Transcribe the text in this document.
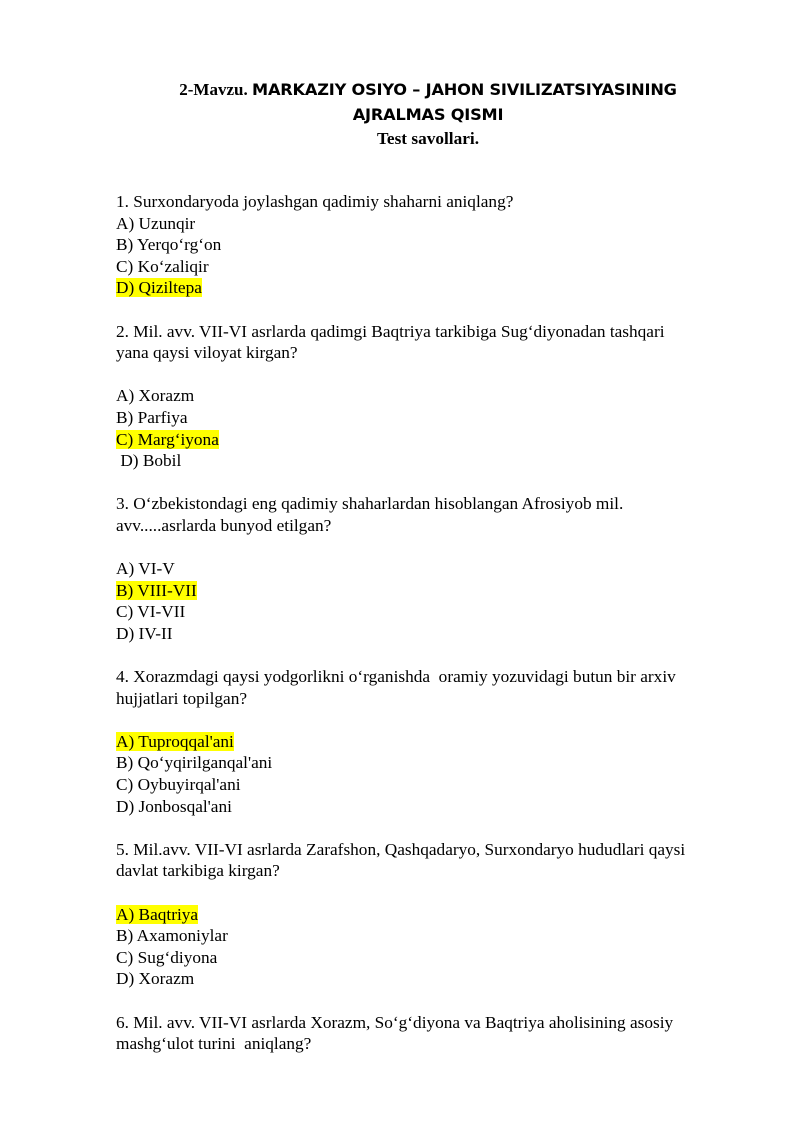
2-Mavzu. MARKAZIY OSIYO – JAHON SIVILIZATSIYASINING
AJRALMAS QISMI
Test savollari.

1. Surxondaryoda joylashgan qadimiy shaharni aniqlang?

A) Uzunqir

B) Yerqo‘rg‘on

C) Ko‘zaliqir

D) Qiziltepa

2. Mil. avv. VII-VI asrlarda qadimgi Baqtriya tarkibiga Sug‘diyonadan tashqari

yana qaysi viloyat kirgan?

A) Xorazm

B) Parfiya

C) Marg‘iyona

D) Bobil

3. O‘zbekistondagi eng qadimiy shaharlardan hisoblangan Afrosiyob mil.

avv.....asrlarda bunyod etilgan?

A) VI-V

B) VIII-VII

C) VI-VII

D) IV-II

4. Xorazmdagi qaysi yodgorlikni o‘rganishda  oramiy yozuvidagi butun bir arxiv

hujjatlari topilgan?

A) Tuproqqal'ani

B) Qo‘yqirilganqal'ani

C) Oybuyirqal'ani

D) Jonbosqal'ani

5. Mil.avv. VII-VI asrlarda Zarafshon, Qashqadaryo, Surxondaryo hududlari qaysi

davlat tarkibiga kirgan?

A) Baqtriya

B) Axamoniylar

C) Sug‘diyona

D) Xorazm

6. Mil. avv. VII-VI asrlarda Xorazm, So‘g‘diyona va Baqtriya aholisining asosiy

mashg‘ulot turini  aniqlang?
